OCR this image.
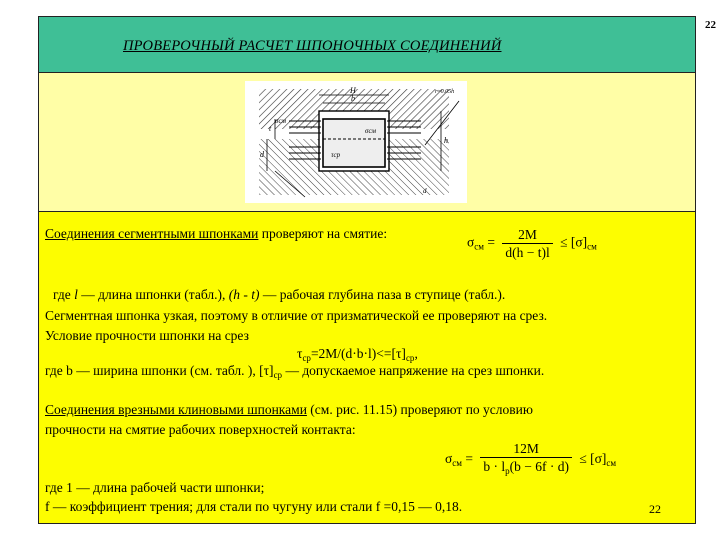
22
ПРОВЕРОЧНЫЙ РАСЧЕТ ШПОНОЧНЫХ СОЕДИНЕНИЙ
H
b
h
t
d
σсм
σсм
τср
d
r≈0.05h
Соединения сегментными шпонками проверяют на смятие:
$\sigma_{см} = \frac{2M}{d(h - t)l} \le [\sigma]_{см}$
где l — длина шпонки (табл.), (h - t) — рабочая глубина паза в ступице (табл.).
Сегментная шпонка узкая, поэтому в отличие от призматической ее проверяют на срез.
Условие прочности шпонки на срез
$\tau_{ср}=2M/(d\cdot b\cdot l)<=[\tau]_{ср}$,
где b — ширина шпонки (см. табл. ), $[\tau]_{ср}$ — допускаемое напряжение на срез шпонки.
Соединения врезными клиновыми шпонками (см. рис. 11.15) проверяют по условию
прочности на смятие рабочих поверхностей контакта:
$\sigma_{см} = \frac{12M}{b \cdot l_p(b - 6f \cdot d)} \le [\sigma]_{см}$
где 1 — длина рабочей части шпонки;
f — коэффициент трения; для стали по чугуну или стали f =0,15 — 0,18.	22
